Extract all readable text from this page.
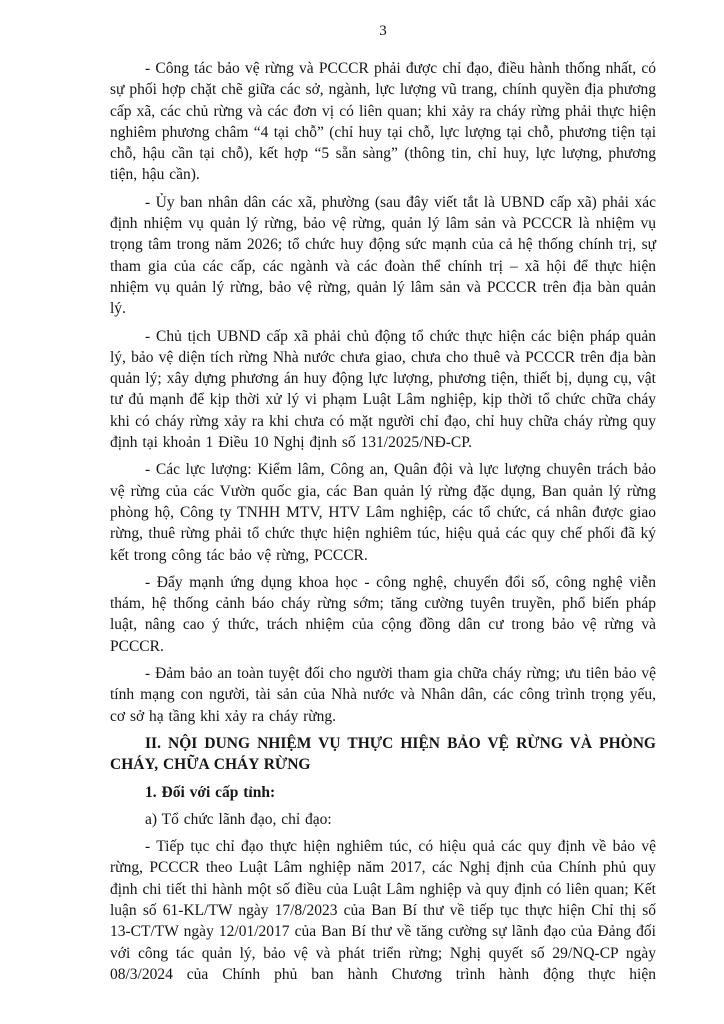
3

- Công tác bảo vệ rừng và PCCCR phải được chỉ đạo, điều hành thống nhất, có sự phối hợp chặt chẽ giữa các sở, ngành, lực lượng vũ trang, chính quyền địa phương cấp xã, các chủ rừng và các đơn vị có liên quan; khi xảy ra cháy rừng phải thực hiện nghiêm phương châm “4 tại chỗ” (chỉ huy tại chỗ, lực lượng tại chỗ, phương tiện tại chỗ, hậu cần tại chỗ), kết hợp “5 sẵn sàng” (thông tin, chỉ huy, lực lượng, phương tiện, hậu cần).

- Ủy ban nhân dân các xã, phường (sau đây viết tắt là UBND cấp xã) phải xác định nhiệm vụ quản lý rừng, bảo vệ rừng, quản lý lâm sản và PCCCR là nhiệm vụ trọng tâm trong năm 2026; tổ chức huy động sức mạnh của cả hệ thống chính trị, sự tham gia của các cấp, các ngành và các đoàn thể chính trị – xã hội để thực hiện nhiệm vụ quản lý rừng, bảo vệ rừng, quản lý lâm sản và PCCCR trên địa bàn quản lý.

- Chủ tịch UBND cấp xã phải chủ động tổ chức thực hiện các biện pháp quản lý, bảo vệ diện tích rừng Nhà nước chưa giao, chưa cho thuê và PCCCR trên địa bàn quản lý; xây dựng phương án huy động lực lượng, phương tiện, thiết bị, dụng cụ, vật tư đủ mạnh để kịp thời xử lý vi phạm Luật Lâm nghiệp, kịp thời tổ chức chữa cháy khi có cháy rừng xảy ra khi chưa có mặt người chỉ đạo, chỉ huy chữa cháy rừng quy định tại khoản 1 Điều 10 Nghị định số 131/2025/NĐ-CP.

- Các lực lượng: Kiểm lâm, Công an, Quân đội và lực lượng chuyên trách bảo vệ rừng của các Vườn quốc gia, các Ban quản lý rừng đặc dụng, Ban quản lý rừng phòng hộ, Công ty TNHH MTV, HTV Lâm nghiệp, các tổ chức, cá nhân được giao rừng, thuê rừng phải tổ chức thực hiện nghiêm túc, hiệu quả các quy chế phối đã ký kết trong công tác bảo vệ rừng, PCCCR.

- Đẩy mạnh ứng dụng khoa học - công nghệ, chuyển đổi số, công nghệ viễn thám, hệ thống cảnh báo cháy rừng sớm; tăng cường tuyên truyền, phổ biến pháp luật, nâng cao ý thức, trách nhiệm của cộng đồng dân cư trong bảo vệ rừng và PCCCR.

- Đảm bảo an toàn tuyệt đối cho người tham gia chữa cháy rừng; ưu tiên bảo vệ tính mạng con người, tài sản của Nhà nước và Nhân dân, các công trình trọng yếu, cơ sở hạ tầng khi xảy ra cháy rừng.

II. NỘI DUNG NHIỆM VỤ THỰC HIỆN BẢO VỆ RỪNG VÀ PHÒNG CHÁY, CHỮA CHÁY RỪNG

1. Đối với cấp tỉnh:

a) Tổ chức lãnh đạo, chỉ đạo:

- Tiếp tục chỉ đạo thực hiện nghiêm túc, có hiệu quả các quy định về bảo vệ rừng, PCCCR theo Luật Lâm nghiệp năm 2017, các Nghị định của Chính phủ quy định chi tiết thi hành một số điều của Luật Lâm nghiệp và quy định có liên quan; Kết luận số 61-KL/TW ngày 17/8/2023 của Ban Bí thư về tiếp tục thực hiện Chỉ thị số 13-CT/TW ngày 12/01/2017 của Ban Bí thư về tăng cường sự lãnh đạo của Đảng đối với công tác quản lý, bảo vệ và phát triển rừng; Nghị quyết số 29/NQ-CP ngày 08/3/2024 của Chính phủ ban hành Chương trình hành động thực hiện
